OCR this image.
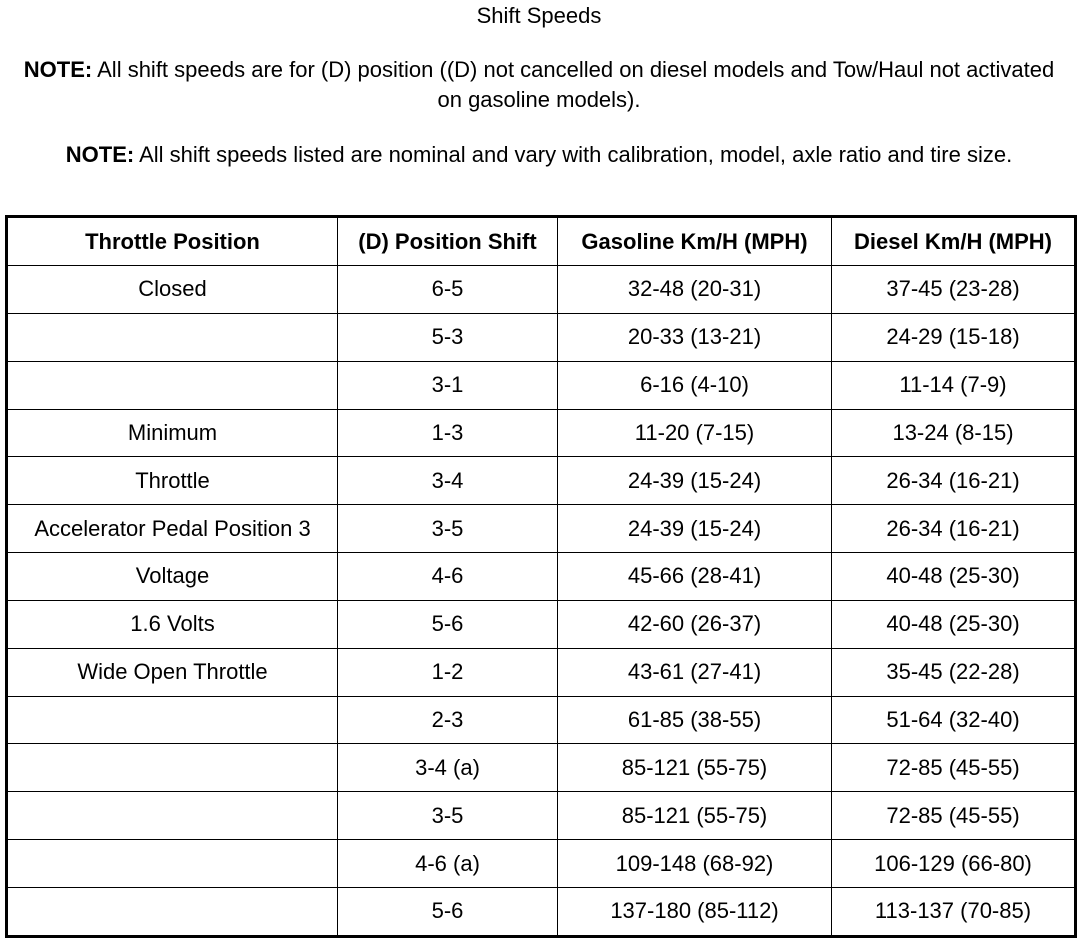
Shift Speeds
NOTE: All shift speeds are for (D) position ((D) not cancelled on diesel models and Tow/Haul not activated on gasoline models).
NOTE: All shift speeds listed are nominal and vary with calibration, model, axle ratio and tire size.
Throttle Position	(D) Position Shift	Gasoline Km/H (MPH)	Diesel Km/H (MPH)
Closed	6-5	32-48 (20-31)	37-45 (23-28)
	5-3	20-33 (13-21)	24-29 (15-18)
	3-1	6-16 (4-10)	11-14 (7-9)
Minimum	1-3	11-20 (7-15)	13-24 (8-15)
Throttle	3-4	24-39 (15-24)	26-34 (16-21)
Accelerator Pedal Position 3	3-5	24-39 (15-24)	26-34 (16-21)
Voltage	4-6	45-66 (28-41)	40-48 (25-30)
1.6 Volts	5-6	42-60 (26-37)	40-48 (25-30)
Wide Open Throttle	1-2	43-61 (27-41)	35-45 (22-28)
	2-3	61-85 (38-55)	51-64 (32-40)
	3-4 (a)	85-121 (55-75)	72-85 (45-55)
	3-5	85-121 (55-75)	72-85 (45-55)
	4-6 (a)	109-148 (68-92)	106-129 (66-80)
	5-6	137-180 (85-112)	113-137 (70-85)
